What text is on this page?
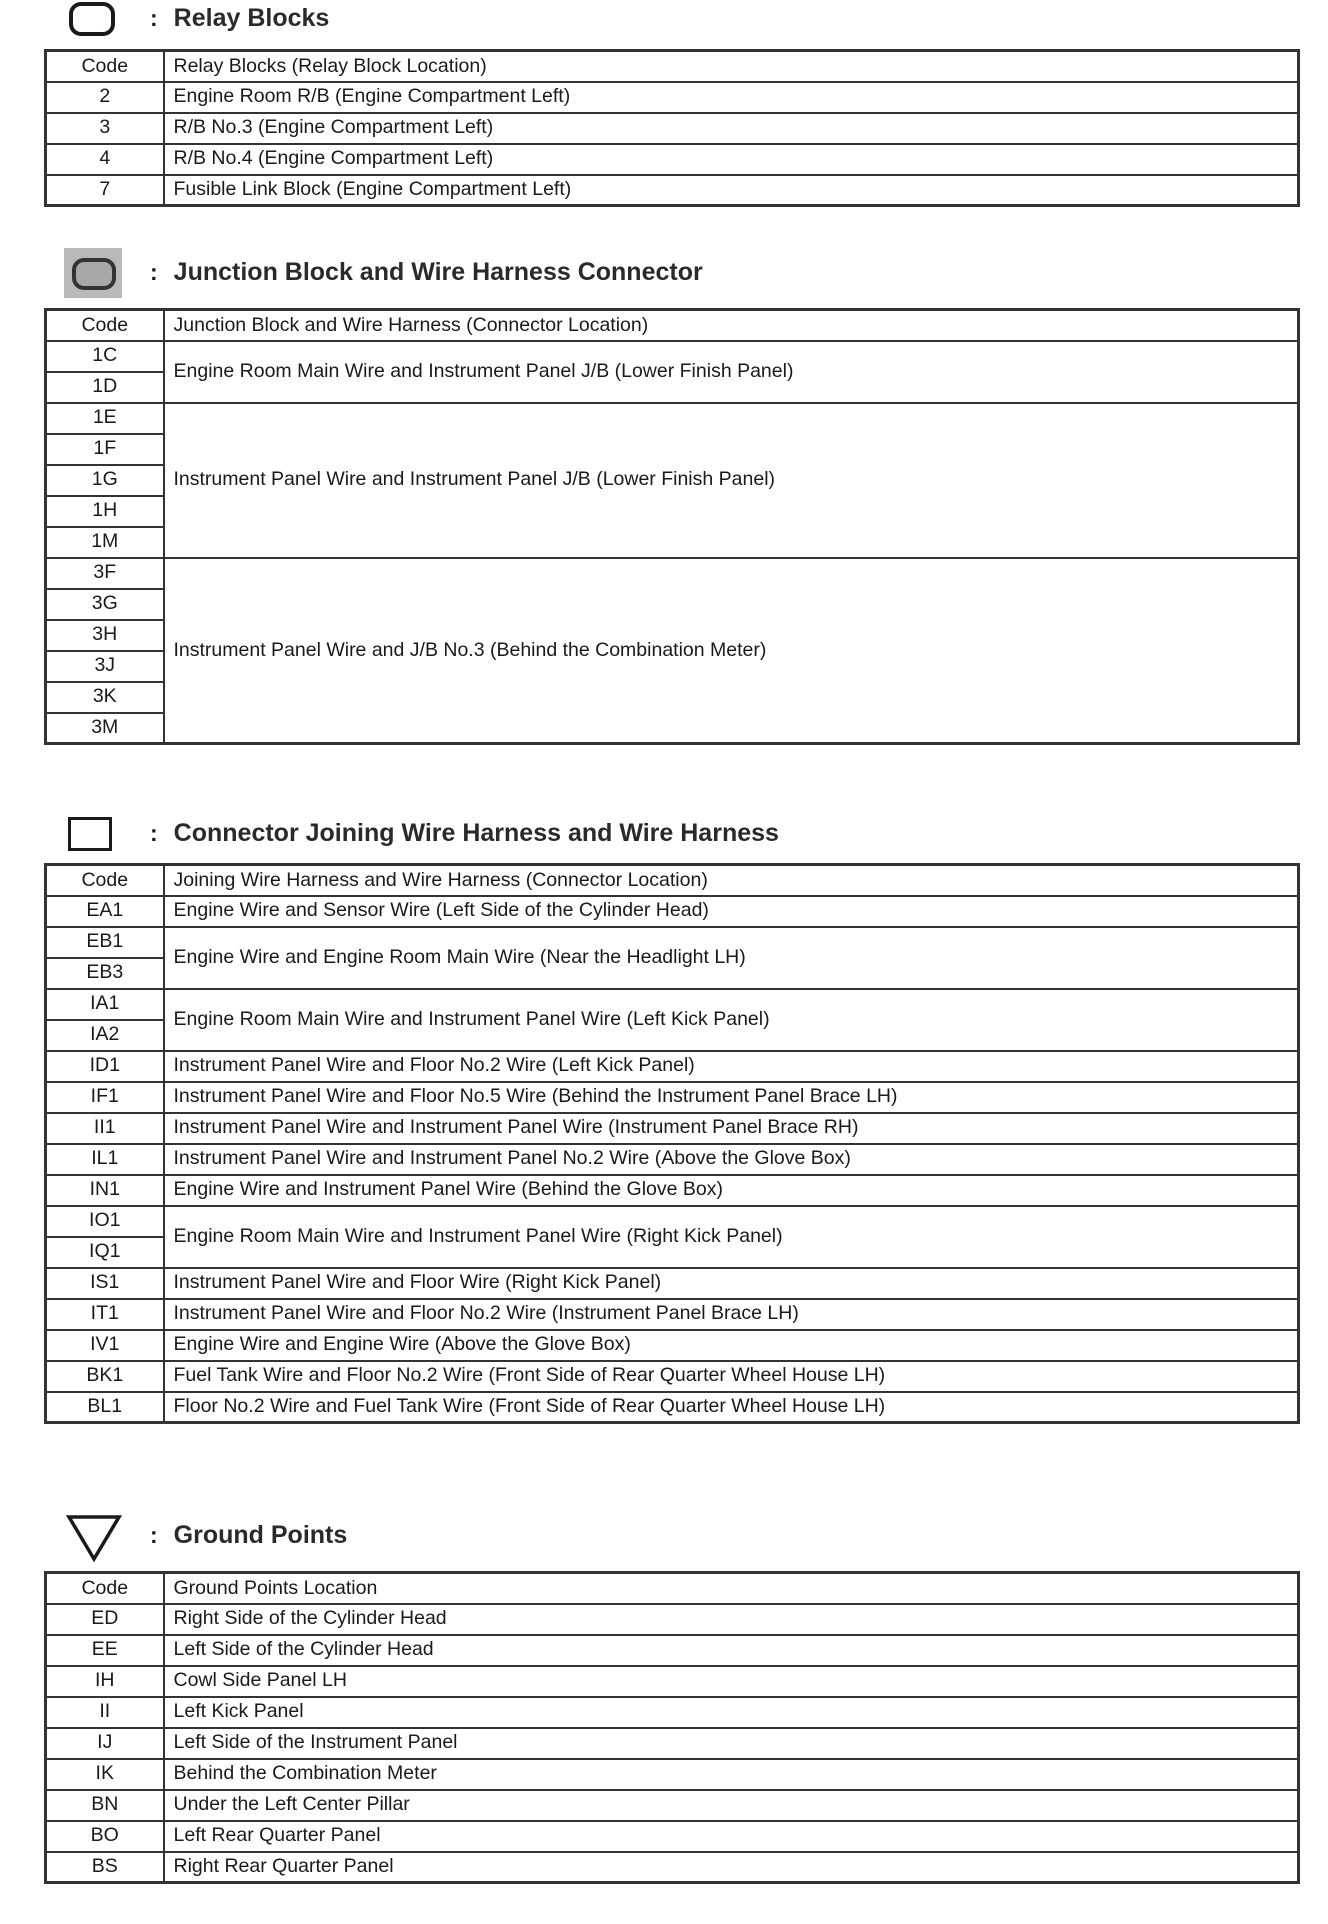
: Relay Blocks
Code	Relay Blocks (Relay Block Location)
2	Engine Room R/B (Engine Compartment Left)
3	R/B No.3 (Engine Compartment Left)
4	R/B No.4 (Engine Compartment Left)
7	Fusible Link Block (Engine Compartment Left)
: Junction Block and Wire Harness Connector
Code	Junction Block and Wire Harness (Connector Location)
1C	Engine Room Main Wire and Instrument Panel J/B (Lower Finish Panel)
1D	
1E	Instrument Panel Wire and Instrument Panel J/B (Lower Finish Panel)
1F	
1G	
1H	
1M	
3F	Instrument Panel Wire and J/B No.3 (Behind the Combination Meter)
3G	
3H	
3J	
3K	
3M	
: Connector Joining Wire Harness and Wire Harness
Code	Joining Wire Harness and Wire Harness (Connector Location)
EA1	Engine Wire and Sensor Wire (Left Side of the Cylinder Head)
EB1	Engine Wire and Engine Room Main Wire (Near the Headlight LH)
EB3	
IA1	Engine Room Main Wire and Instrument Panel Wire (Left Kick Panel)
IA2	
ID1	Instrument Panel Wire and Floor No.2 Wire (Left Kick Panel)
IF1	Instrument Panel Wire and Floor No.5 Wire (Behind the Instrument Panel Brace LH)
II1	Instrument Panel Wire and Instrument Panel Wire (Instrument Panel Brace RH)
IL1	Instrument Panel Wire and Instrument Panel No.2 Wire (Above the Glove Box)
IN1	Engine Wire and Instrument Panel Wire (Behind the Glove Box)
IO1	Engine Room Main Wire and Instrument Panel Wire (Right Kick Panel)
IQ1	
IS1	Instrument Panel Wire and Floor Wire (Right Kick Panel)
IT1	Instrument Panel Wire and Floor No.2 Wire (Instrument Panel Brace LH)
IV1	Engine Wire and Engine Wire (Above the Glove Box)
BK1	Fuel Tank Wire and Floor No.2 Wire (Front Side of Rear Quarter Wheel House LH)
BL1	Floor No.2 Wire and Fuel Tank Wire (Front Side of Rear Quarter Wheel House LH)
: Ground Points
Code	Ground Points Location
ED	Right Side of the Cylinder Head
EE	Left Side of the Cylinder Head
IH	Cowl Side Panel LH
II	Left Kick Panel
IJ	Left Side of the Instrument Panel
IK	Behind the Combination Meter
BN	Under the Left Center Pillar
BO	Left Rear Quarter Panel
BS	Right Rear Quarter Panel
